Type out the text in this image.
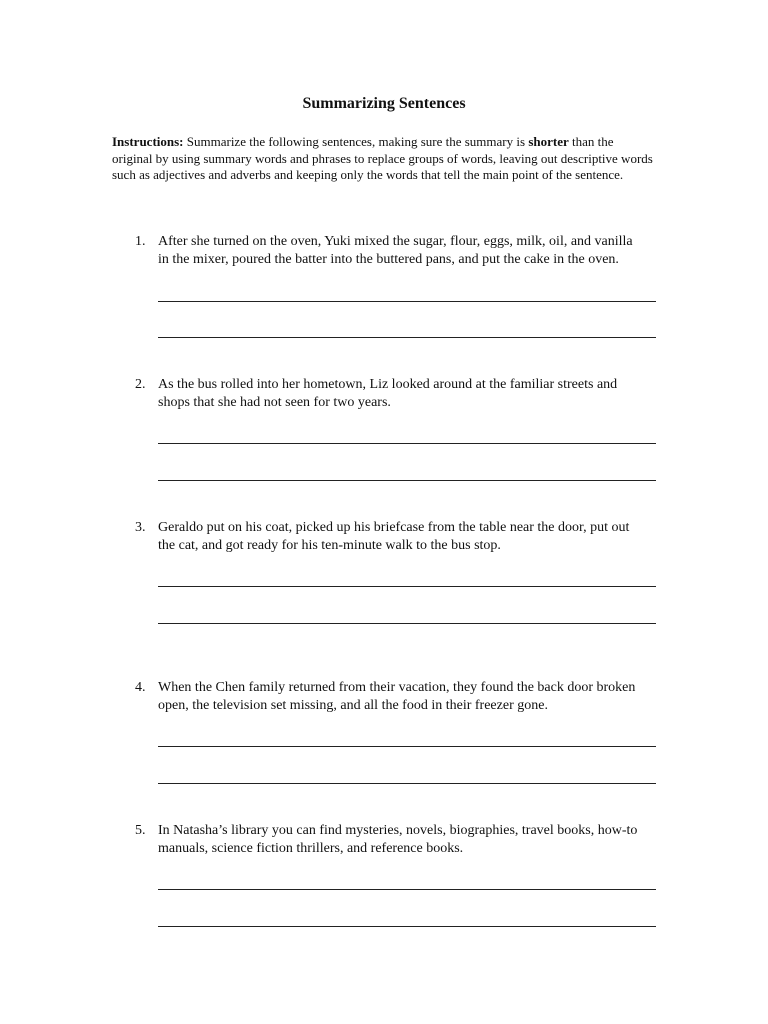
Summarizing Sentences

Instructions: Summarize the following sentences, making sure the summary is shorter than the original by using summary words and phrases to replace groups of words, leaving out descriptive words such as adjectives and adverbs and keeping only the words that tell the main point of the sentence.

1. After she turned on the oven, Yuki mixed the sugar, flour, eggs, milk, oil, and vanilla in the mixer, poured the batter into the buttered pans, and put the cake in the oven.

2. As the bus rolled into her hometown, Liz looked around at the familiar streets and shops that she had not seen for two years.

3. Geraldo put on his coat, picked up his briefcase from the table near the door, put out the cat, and got ready for his ten-minute walk to the bus stop.

4. When the Chen family returned from their vacation, they found the back door broken open, the television set missing, and all the food in their freezer gone.

5. In Natasha’s library you can find mysteries, novels, biographies, travel books, how-to manuals, science fiction thrillers, and reference books.
